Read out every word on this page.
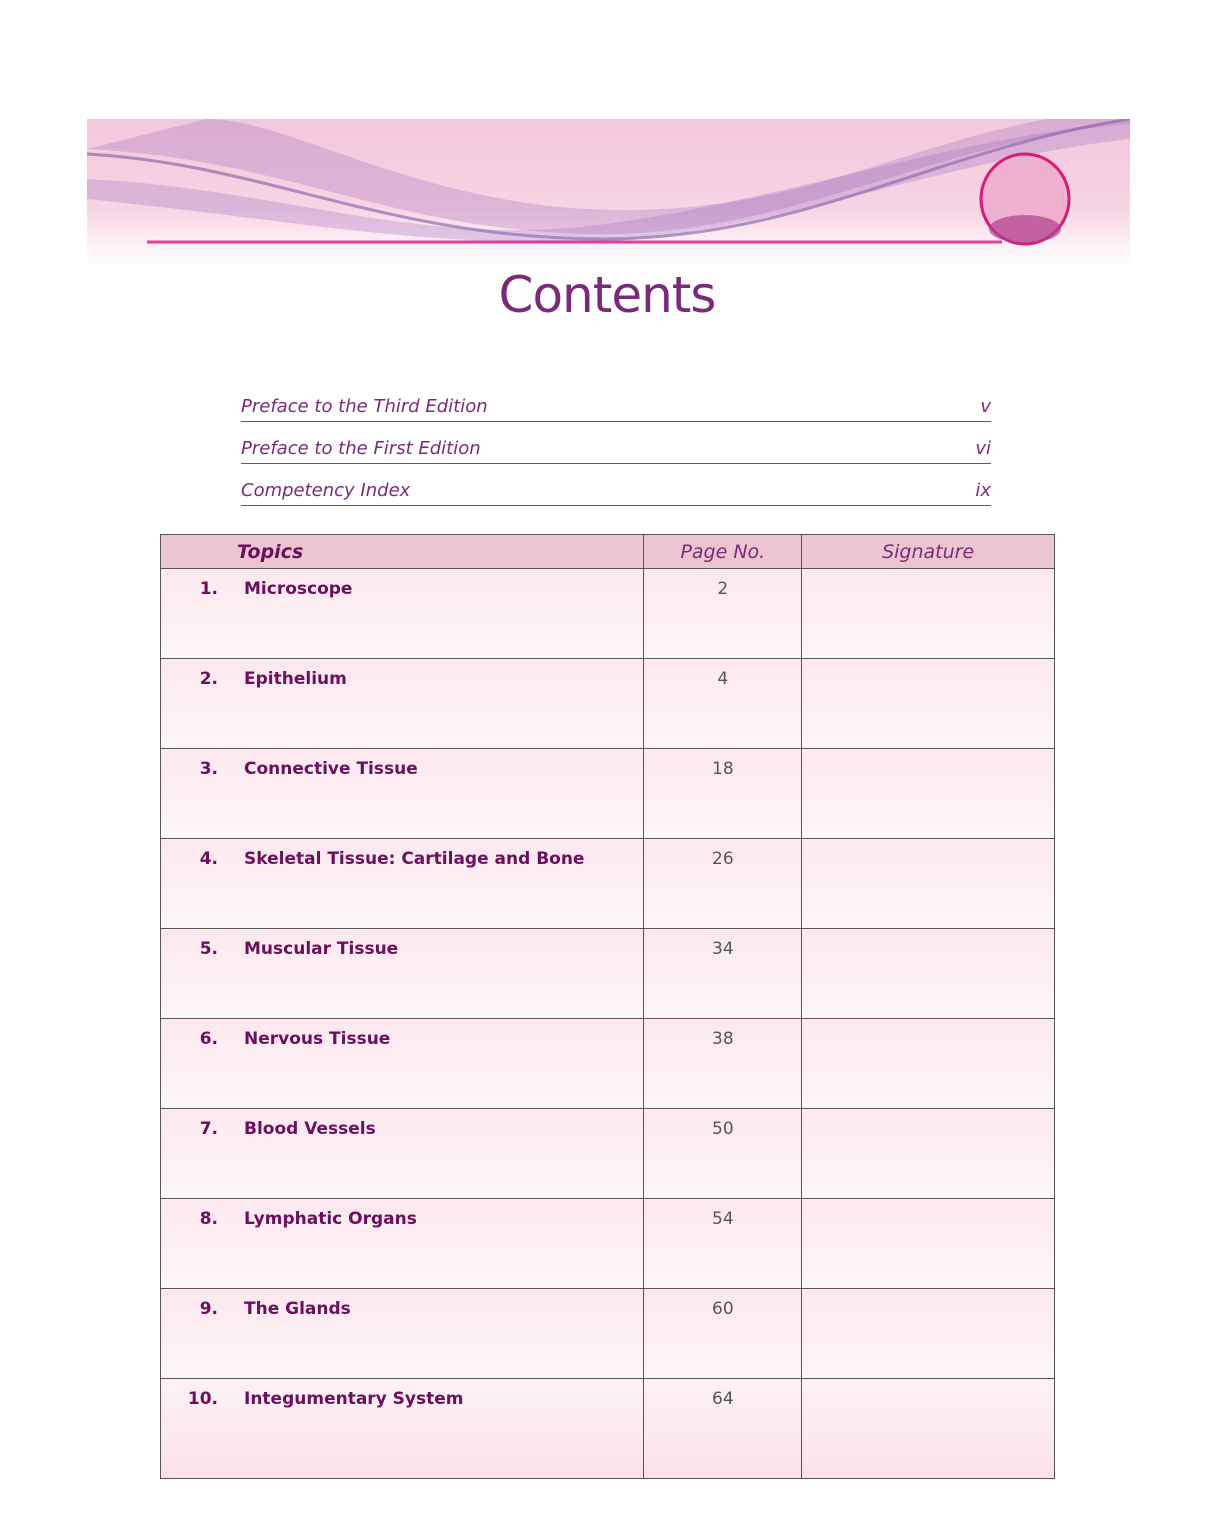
Contents
Preface to the Third Edition	v
Preface to the First Edition	vi
Competency Index	ix
Topics	Page No.	Signature
1. Microscope	2	
2. Epithelium	4	
3. Connective Tissue	18	
4. Skeletal Tissue: Cartilage and Bone	26	
5. Muscular Tissue	34	
6. Nervous Tissue	38	
7. Blood Vessels	50	
8. Lymphatic Organs	54	
9. The Glands	60	
10. Integumentary System	64	
